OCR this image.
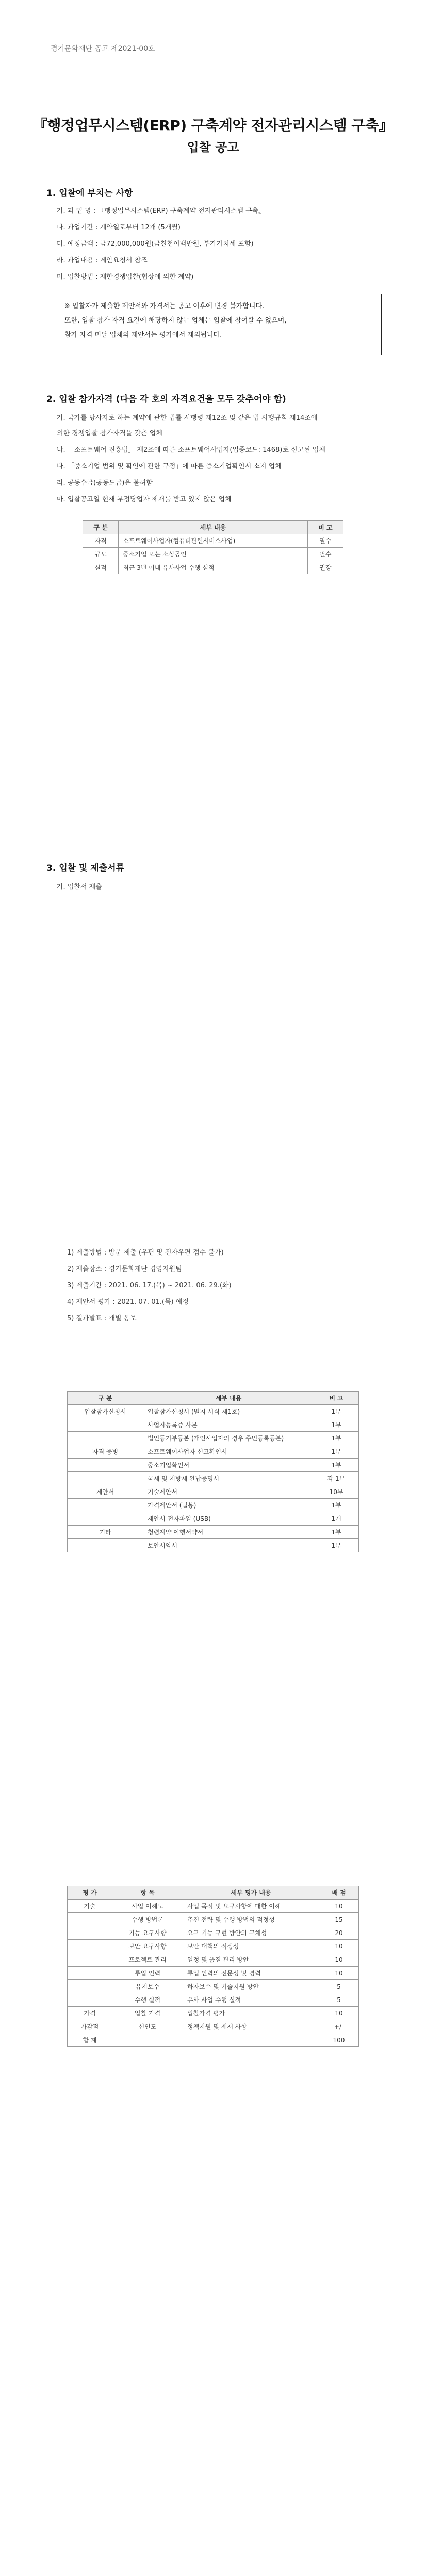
경기문화재단 공고 제2021-00호
『행정업무시스템(ERP) 구축계약 전자관리시스템 구축』
입찰 공고
1. 입찰에 부치는 사항
가. 과 업 명 : 『행정업무시스템(ERP) 구축계약 전자관리시스템 구축』
나. 과업기간 : 계약일로부터 12개 (5개월)
다. 예정금액 : 금72,000,000원(금칠천이백만원, 부가가치세 포함)
라. 과업내용 : 제안요청서 참조
마. 입찰방법 : 제한경쟁입찰(협상에 의한 계약)
※ 입찰자가 제출한 제안서와 가격서는 공고 이후에 변경 불가합니다.
또한, 입찰 참가 자격 요건에 해당하지 않는 업체는 입찰에 참여할 수 없으며,
참가 자격 미달 업체의 제안서는 평가에서 제외됩니다.
2. 입찰 참가자격 (다음 각 호의 자격요건을 모두 갖추어야 함)
가. 국가를 당사자로 하는 계약에 관한 법률 시행령 제12조 및 같은 법 시행규칙 제14조에
의한 경쟁입찰 참가자격을 갖춘 업체
나. 「소프트웨어 진흥법」 제2조에 따른 소프트웨어사업자(업종코드: 1468)로 신고된 업체
다. 「중소기업 범위 및 확인에 관한 규정」에 따른 중소기업확인서 소지 업체
라. 공동수급(공동도급)은 불허함
마. 입찰공고일 현재 부정당업자 제재를 받고 있지 않은 업체
구 분	세부 내용	비 고
자격	소프트웨어사업자(컴퓨터관련서비스사업)	필수
규모	중소기업 또는 소상공인	필수
실적	최근 3년 이내 유사사업 수행 실적	권장
3. 입찰 및 제출서류
가. 입찰서 제출
1) 제출방법 : 방문 제출 (우편 및 전자우편 접수 불가)
2) 제출장소 : 경기문화재단 경영지원팀
3) 제출기간 : 2021. 06. 17.(목) ~ 2021. 06. 29.(화)
4) 제안서 평가 : 2021. 07. 01.(목) 예정
5) 결과발표 : 개별 통보
구 분	세부 내용	비 고
입찰참가신청서	입찰참가신청서 (별지 서식 제1호)	1부
	사업자등록증 사본	1부
	법인등기부등본 (개인사업자의 경우 주민등록등본)	1부
자격 증빙	소프트웨어사업자 신고확인서	1부
	중소기업확인서	1부
	국세 및 지방세 완납증명서	각 1부
제안서	기술제안서	10부
	가격제안서 (밀봉)	1부
	제안서 전자파일 (USB)	1개
기타	청렴계약 이행서약서	1부
	보안서약서	1부
평 가	항 목	세부 평가 내용	배 점
기술	사업 이해도	사업 목적 및 요구사항에 대한 이해	10
	수행 방법론	추진 전략 및 수행 방법의 적정성	15
	기능 요구사항	요구 기능 구현 방안의 구체성	20
	보안 요구사항	보안 대책의 적정성	10
	프로젝트 관리	일정 및 품질 관리 방안	10
	투입 인력	투입 인력의 전문성 및 경력	10
	유지보수	하자보수 및 기술지원 방안	5
	수행 실적	유사 사업 수행 실적	5
가격	입찰 가격	입찰가격 평가	10
가감점	신인도	정책지원 및 제재 사항	+/-
합 계			100
